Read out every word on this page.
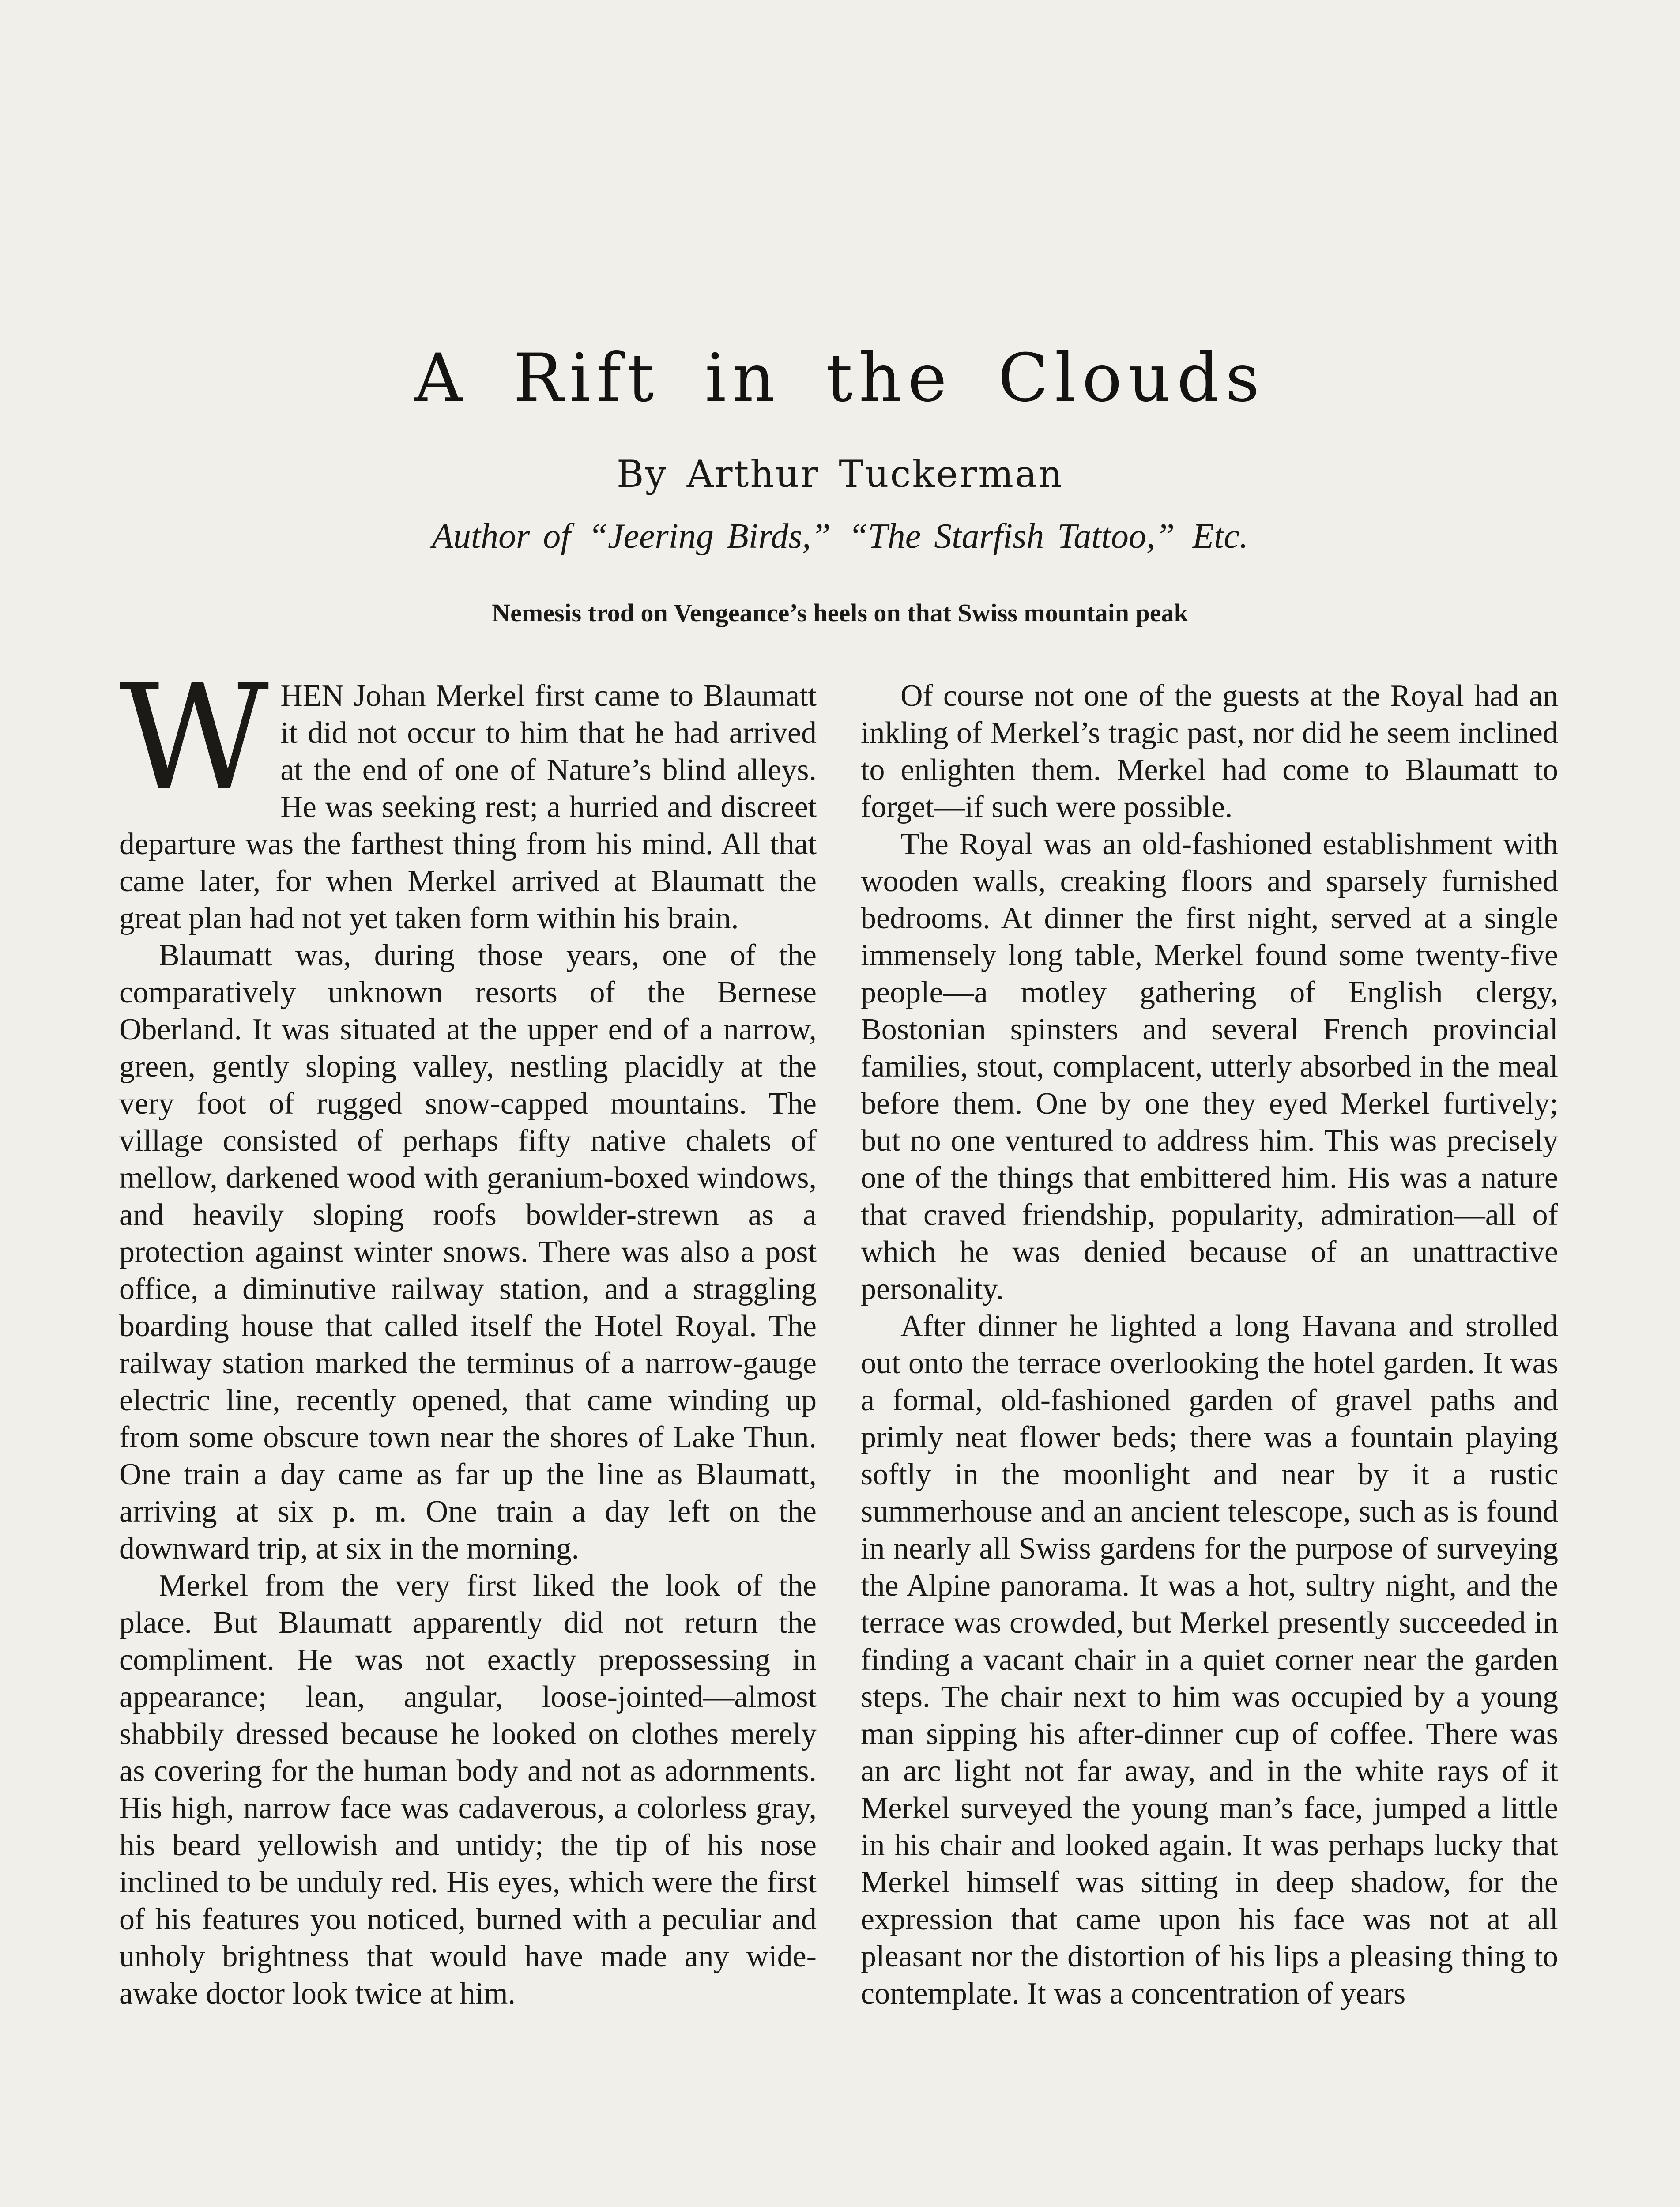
A Rift in the Clouds
By Arthur Tuckerman
Author of “Jeering Birds,” “The Starfish Tattoo,” Etc.
Nemesis trod on Vengeance’s heels on that Swiss mountain peak

WHEN Johan Merkel first came to Blaumatt it did not occur to him that he had arrived at the end of one of Nature’s blind alleys. He was seeking rest; a hurried and discreet departure was the farthest thing from his mind. All that came later, for when Merkel arrived at Blaumatt the great plan had not yet taken form within his brain.

Blaumatt was, during those years, one of the comparatively unknown resorts of the Bernese Oberland. It was situated at the upper end of a narrow, green, gently sloping valley, nestling placidly at the very foot of rugged snow-capped mountains. The village consisted of perhaps fifty native chalets of mellow, darkened wood with geranium-boxed windows, and heavily sloping roofs bowlder-strewn as a protection against winter snows. There was also a post office, a diminutive railway station, and a straggling boarding house that called itself the Hotel Royal. The railway station marked the terminus of a narrow-gauge electric line, recently opened, that came winding up from some obscure town near the shores of Lake Thun. One train a day came as far up the line as Blaumatt, arriving at six p. m. One train a day left on the downward trip, at six in the morning.

Merkel from the very first liked the look of the place. But Blaumatt apparently did not return the compliment. He was not exactly prepossessing in appearance; lean, angular, loose-jointed—almost shabbily dressed because he looked on clothes merely as covering for the human body and not as adornments. His high, narrow face was cadaverous, a colorless gray, his beard yellowish and untidy; the tip of his nose inclined to be unduly red. His eyes, which were the first of his features you noticed, burned with a peculiar and unholy brightness that would have made any wide-awake doctor look twice at him.

Of course not one of the guests at the Royal had an inkling of Merkel’s tragic past, nor did he seem inclined to enlighten them. Merkel had come to Blaumatt to forget—if such were possible.

The Royal was an old-fashioned establishment with wooden walls, creaking floors and sparsely furnished bedrooms. At dinner the first night, served at a single immensely long table, Merkel found some twenty-five people—a motley gathering of English clergy, Bostonian spinsters and several French provincial families, stout, complacent, utterly absorbed in the meal before them. One by one they eyed Merkel furtively; but no one ventured to address him. This was precisely one of the things that embittered him. His was a nature that craved friendship, popularity, admiration—all of which he was denied because of an unattractive personality.

After dinner he lighted a long Havana and strolled out onto the terrace overlooking the hotel garden. It was a formal, old-fashioned garden of gravel paths and primly neat flower beds; there was a fountain playing softly in the moonlight and near by it a rustic summerhouse and an ancient telescope, such as is found in nearly all Swiss gardens for the purpose of surveying the Alpine panorama. It was a hot, sultry night, and the terrace was crowded, but Merkel presently succeeded in finding a vacant chair in a quiet corner near the garden steps. The chair next to him was occupied by a young man sipping his after-dinner cup of coffee. There was an arc light not far away, and in the white rays of it Merkel surveyed the young man’s face, jumped a little in his chair and looked again. It was perhaps lucky that Merkel himself was sitting in deep shadow, for the expression that came upon his face was not at all pleasant nor the distortion of his lips a pleasing thing to contemplate. It was a concentration of years
